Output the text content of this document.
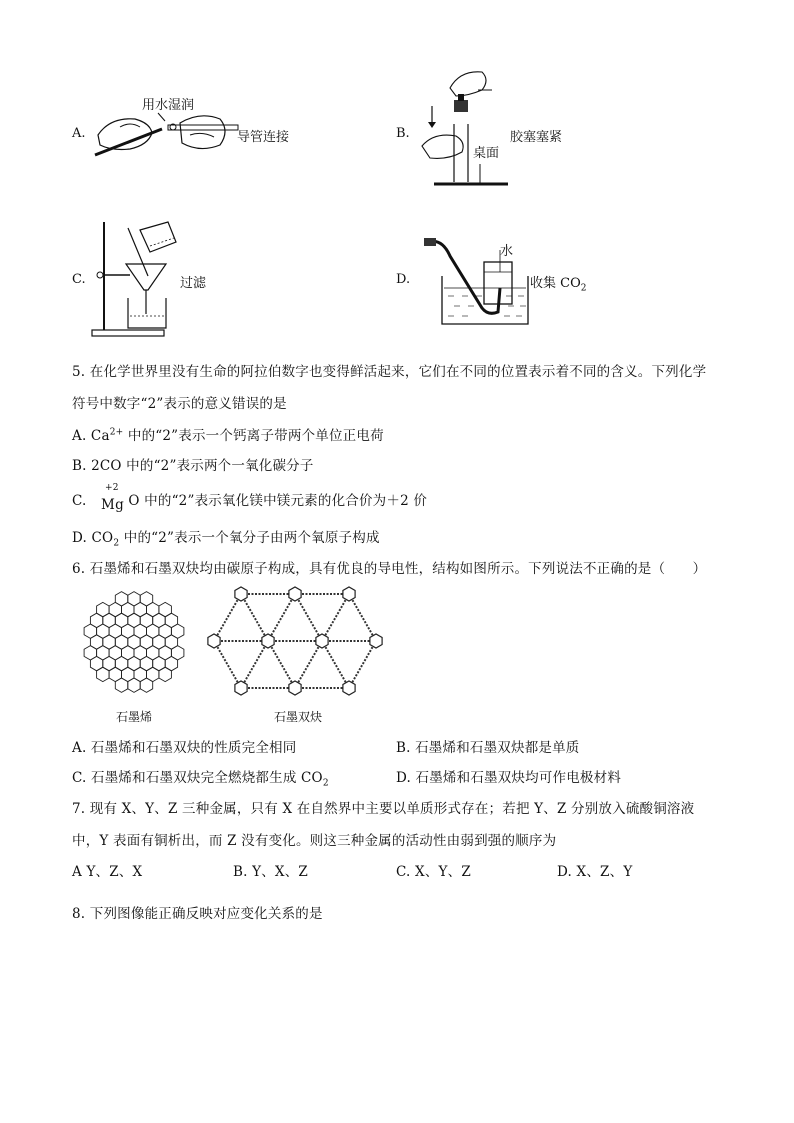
A.
用水湿润
导管连接	B.	胶塞塞紧
桌面
C.	过滤	D.
水
收集 $CO_2$
5. 在化学世界里没有生命的阿拉伯数字也变得鲜活起来，它们在不同的位置表示着不同的含义。下列化学
符号中数字“2”表示的意义错误的是
A. $Ca^{2+}$ 中的“2”表示一个钙离子带两个单位正电荷
B. 2CO 中的“2”表示两个一氧化碳分子
C.
+2
Mg O 中的“2”表示氧化镁中镁元素的化合价为＋2 价
D. $CO_2$ 中的“2”表示一个氧分子由两个氧原子构成
6. 石墨烯和石墨双炔均由碳原子构成，具有优良的导电性，结构如图所示。下列说法不正确的是（　　）
石墨烯	石墨双炔
A. 石墨烯和石墨双炔的性质完全相同	B. 石墨烯和石墨双炔都是单质
C. 石墨烯和石墨双炔完全燃烧都生成 $CO_2$	D. 石墨烯和石墨双炔均可作电极材料
7. 现有 X、Y、Z 三种金属，只有 X 在自然界中主要以单质形式存在；若把 Y、Z 分别放入硫酸铜溶液
中，Y 表面有铜析出，而 Z 没有变化。则这三种金属的活动性由弱到强的顺序为
A Y、Z、X	B. Y、X、Z	C. X、Y、Z	D. X、Z、Y
8. 下列图像能正确反映对应变化关系的是
